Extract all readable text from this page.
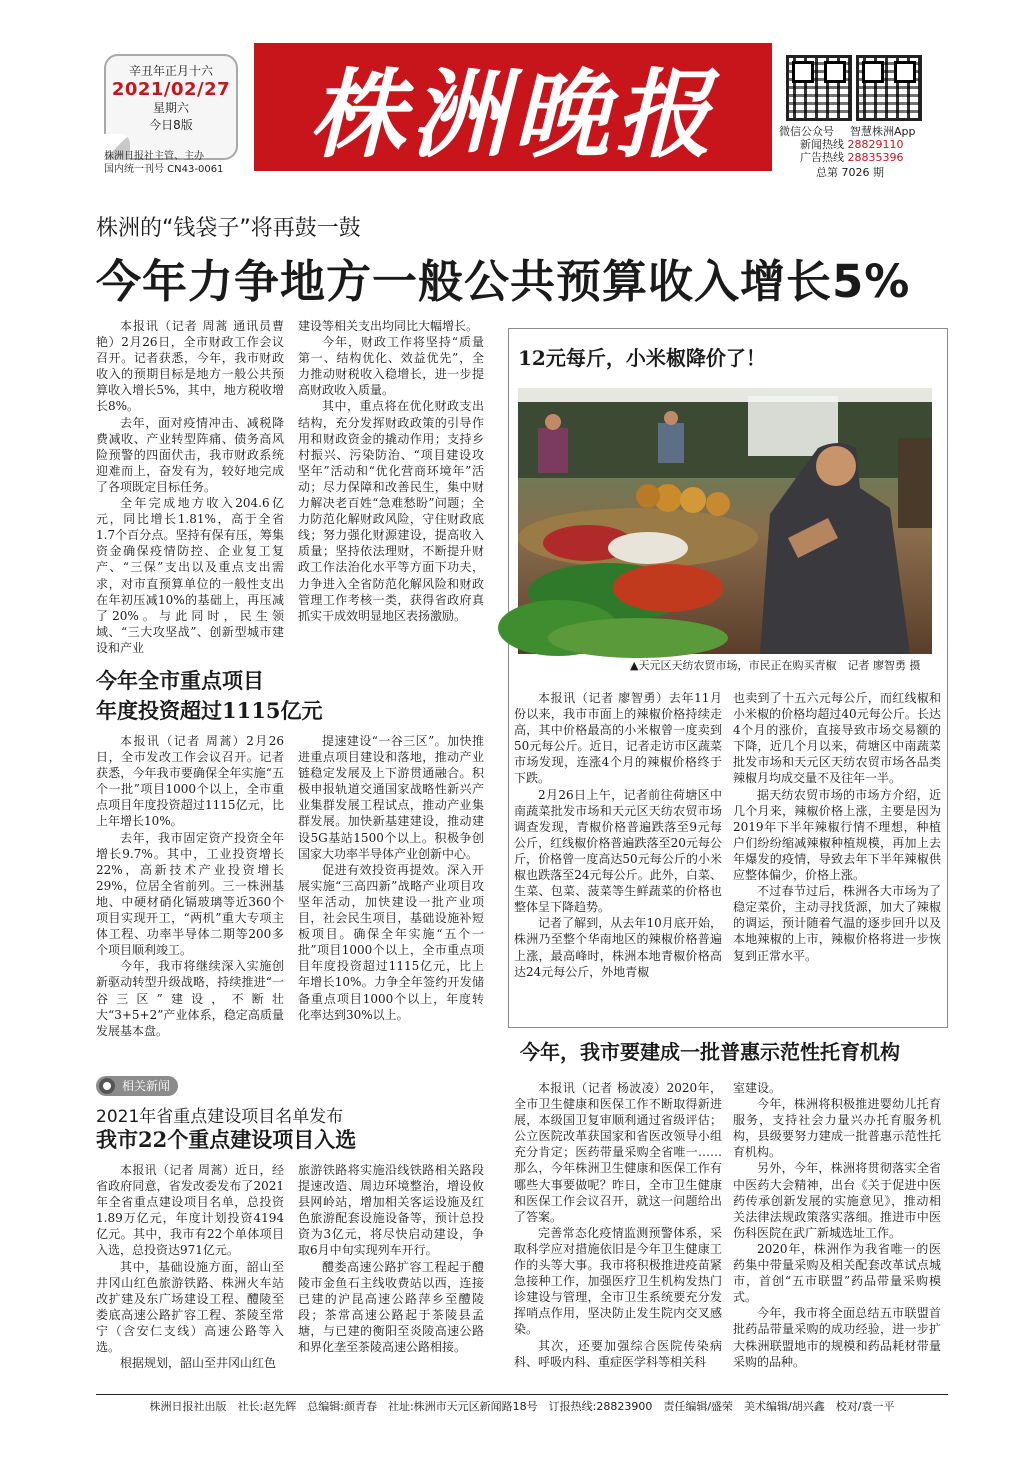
辛丑年正月十六
2021/02/27
星期六
今日8版
株洲日报社主管、主办
国内统一刊号 CN43-0061 株洲晚报	微信公众号 智慧株洲App
新闻热线 28829110
广告热线 28835396
总第 7026 期
株洲的“钱袋子”将再鼓一鼓
今年力争地方一般公共预算收入增长5%

本报讯（记者 周蒿 通讯员曹艳）2月26日，全市财政工作会议召开。记者获悉，今年，我市财政收入的预期目标是地方一般公共预算收入增长5%，其中，地方税收增长8%。

去年，面对疫情冲击、减税降费减收、产业转型阵痛、债务高风险预警的四面伏击，我市财政系统迎难而上，奋发有为，较好地完成了各项既定目标任务。

全年完成地方收入204.6亿元，同比增长1.81%，高于全省1.7个百分点。坚持有保有压，筹集资金确保疫情防控、企业复工复产、“三保”支出以及重点支出需求，对市直预算单位的一般性支出在年初压减10%的基础上，再压减了20%。与此同时，民生领域、“三大攻坚战”、创新型城市建设和产业

建设等相关支出均同比大幅增长。

今年，财政工作将坚持“质量第一、结构优化、效益优先”，全力推动财税收入稳增长，进一步提高财政收入质量。

其中，重点将在优化财政支出结构，充分发挥财政政策的引导作用和财政资金的撬动作用；支持乡村振兴、污染防治、“项目建设攻坚年”活动和“优化营商环境年”活动；尽力保障和改善民生，集中财力解决老百姓“急难愁盼”问题；全力防范化解财政风险，守住财政底线；努力强化财源建设，提高收入质量；坚持依法理财，不断提升财政工作法治化水平等方面下功夫，力争进入全省防范化解风险和财政管理工作考核一类，获得省政府真抓实干成效明显地区表扬激励。

12元每斤，小米椒降价了！
▲天元区天纺农贸市场，市民正在购买青椒　记者 廖智勇 摄

本报讯（记者 廖智勇）去年11月份以来，我市市面上的辣椒价格持续走高，其中价格最高的小米椒曾一度卖到50元每公斤。近日，记者走访市区蔬菜市场发现，连涨4个月的辣椒价格终于下跌。

2月26日上午，记者前往荷塘区中南蔬菜批发市场和天元区天纺农贸市场调查发现，青椒价格普遍跌落至9元每公斤，红线椒价格普遍跌落至20元每公斤，价格曾一度高达50元每公斤的小米椒也跌落至24元每公斤。此外，白菜、生菜、包菜、菠菜等生鲜蔬菜的价格也整体呈下降趋势。

记者了解到，从去年10月底开始，株洲乃至整个华南地区的辣椒价格普遍上涨，最高峰时，株洲本地青椒价格高达24元每公斤，外地青椒

也卖到了十五六元每公斤，而红线椒和小米椒的价格均超过40元每公斤。长达4个月的涨价，直接导致市场交易额的下降，近几个月以来，荷塘区中南蔬菜批发市场和天元区天纺农贸市场各品类辣椒月均成交量不及往年一半。

据天纺农贸市场的市场方介绍，近几个月来，辣椒价格上涨，主要是因为2019年下半年辣椒行情不理想，种植户们纷纷缩减辣椒种植规模，再加上去年爆发的疫情，导致去年下半年辣椒供应整体偏少，价格上涨。

不过春节过后，株洲各大市场为了稳定菜价，主动寻找货源，加大了辣椒的调运，预计随着气温的逐步回升以及本地辣椒的上市，辣椒价格将进一步恢复到正常水平。

今年全市重点项目
年度投资超过1115亿元

本报讯（记者 周蒿）2月26日，全市发改工作会议召开。记者获悉，今年我市要确保全年实施“五个一批”项目1000个以上，全市重点项目年度投资超过1115亿元，比上年增长10%。

去年，我市固定资产投资全年增长9.7%。其中，工业投资增长22%，高新技术产业投资增长29%，位居全省前列。三一株洲基地、中硬材硝化镉玻璃等近360个项目实现开工，“两机”重大专项主体工程、功率半导体二期等200多个项目顺利竣工。

今年，我市将继续深入实施创新驱动转型升级战略，持续推进“一谷三区”建设，不断壮大“3+5+2”产业体系，稳定高质量发展基本盘。

提速建设“一谷三区”。加快推进重点项目建设和落地，推动产业链稳定发展及上下游贯通融合。积极申报轨道交通国家战略性新兴产业集群发展工程试点，推动产业集群发展。加快新基建建设，推动建设5G基站1500个以上。积极争创国家大功率半导体产业创新中心。

促进有效投资再提效。深入开展实施“三高四新”战略产业项目攻坚年活动，加快建设一批产业项目，社会民生项目，基础设施补短板项目。确保全年实施“五个一批”项目1000个以上，全市重点项目年度投资超过1115亿元，比上年增长10%。力争全年签约开发储备重点项目1000个以上，年度转化率达到30%以上。

今年，我市要建成一批普惠示范性托育机构

本报讯（记者 杨波凌）2020年，全市卫生健康和医保工作不断取得新进展，本级国卫复审顺利通过省级评估；公立医院改革获国家和省医改领导小组充分肯定；医药带量采购全省唯一……那么，今年株洲卫生健康和医保工作有哪些大事要做呢？昨日，全市卫生健康和医保工作会议召开，就这一问题给出了答案。

完善常态化疫情监测预警体系，采取科学应对措施依旧是今年卫生健康工作的头等大事。我市将积极推进疫苗紧急接种工作，加强医疗卫生机构发热门诊建设与管理，全市卫生系统要充分发挥哨点作用，坚决防止发生院内交叉感染。

其次，还要加强综合医院传染病科、呼吸内科、重症医学科等相关科

室建设。

今年，株洲将积极推进婴幼儿托育服务，支持社会力量兴办托育服务机构，县级要努力建成一批普惠示范性托育机构。

另外，今年，株洲将贯彻落实全省中医药大会精神，出台《关于促进中医药传承创新发展的实施意见》，推动相关法律法规政策落实落细。推进市中医伤科医院在武广新城选址工作。

2020年，株洲作为我省唯一的医药集中带量采购及相关配套改革试点城市，首创“五市联盟”药品带量采购模式。

今年，我市将全面总结五市联盟首批药品带量采购的成功经验，进一步扩大株洲联盟地市的规模和药品耗材带量采购的品种。

相关新闻
2021年省重点建设项目名单发布
我市22个重点建设项目入选

本报讯（记者 周蒿）近日，经省政府同意，省发改委发布了2021年全省重点建设项目名单，总投资1.89万亿元，年度计划投资4194亿元。其中，我市有22个单体项目入选，总投资达971亿元。

其中，基础设施方面，韶山至井冈山红色旅游铁路、株洲火车站改扩建及东广场建设工程、醴陵至娄底高速公路扩容工程、茶陵至常宁（含安仁支线）高速公路等入选。

根据规划，韶山至井冈山红色

旅游铁路将实施沿线铁路相关路段提速改造、周边环境整治，增设攸县网岭站，增加相关客运设施及红色旅游配套设施设备等，预计总投资为3亿元，将尽快启动建设，争取6月中旬实现列车开行。

醴娄高速公路扩容工程起于醴陵市金鱼石主线收费站以西，连接已建的沪昆高速公路萍乡至醴陵段；茶常高速公路起于茶陵县孟塘，与已建的衡阳至炎陵高速公路和界化垄至茶陵高速公路相接。

株洲日报社出版　社长:赵先辉　总编辑:颜青春　社址:株洲市天元区新闻路18号　订报热线:28823900　责任编辑/盛荣　美术编辑/胡兴鑫　校对/袁一平
